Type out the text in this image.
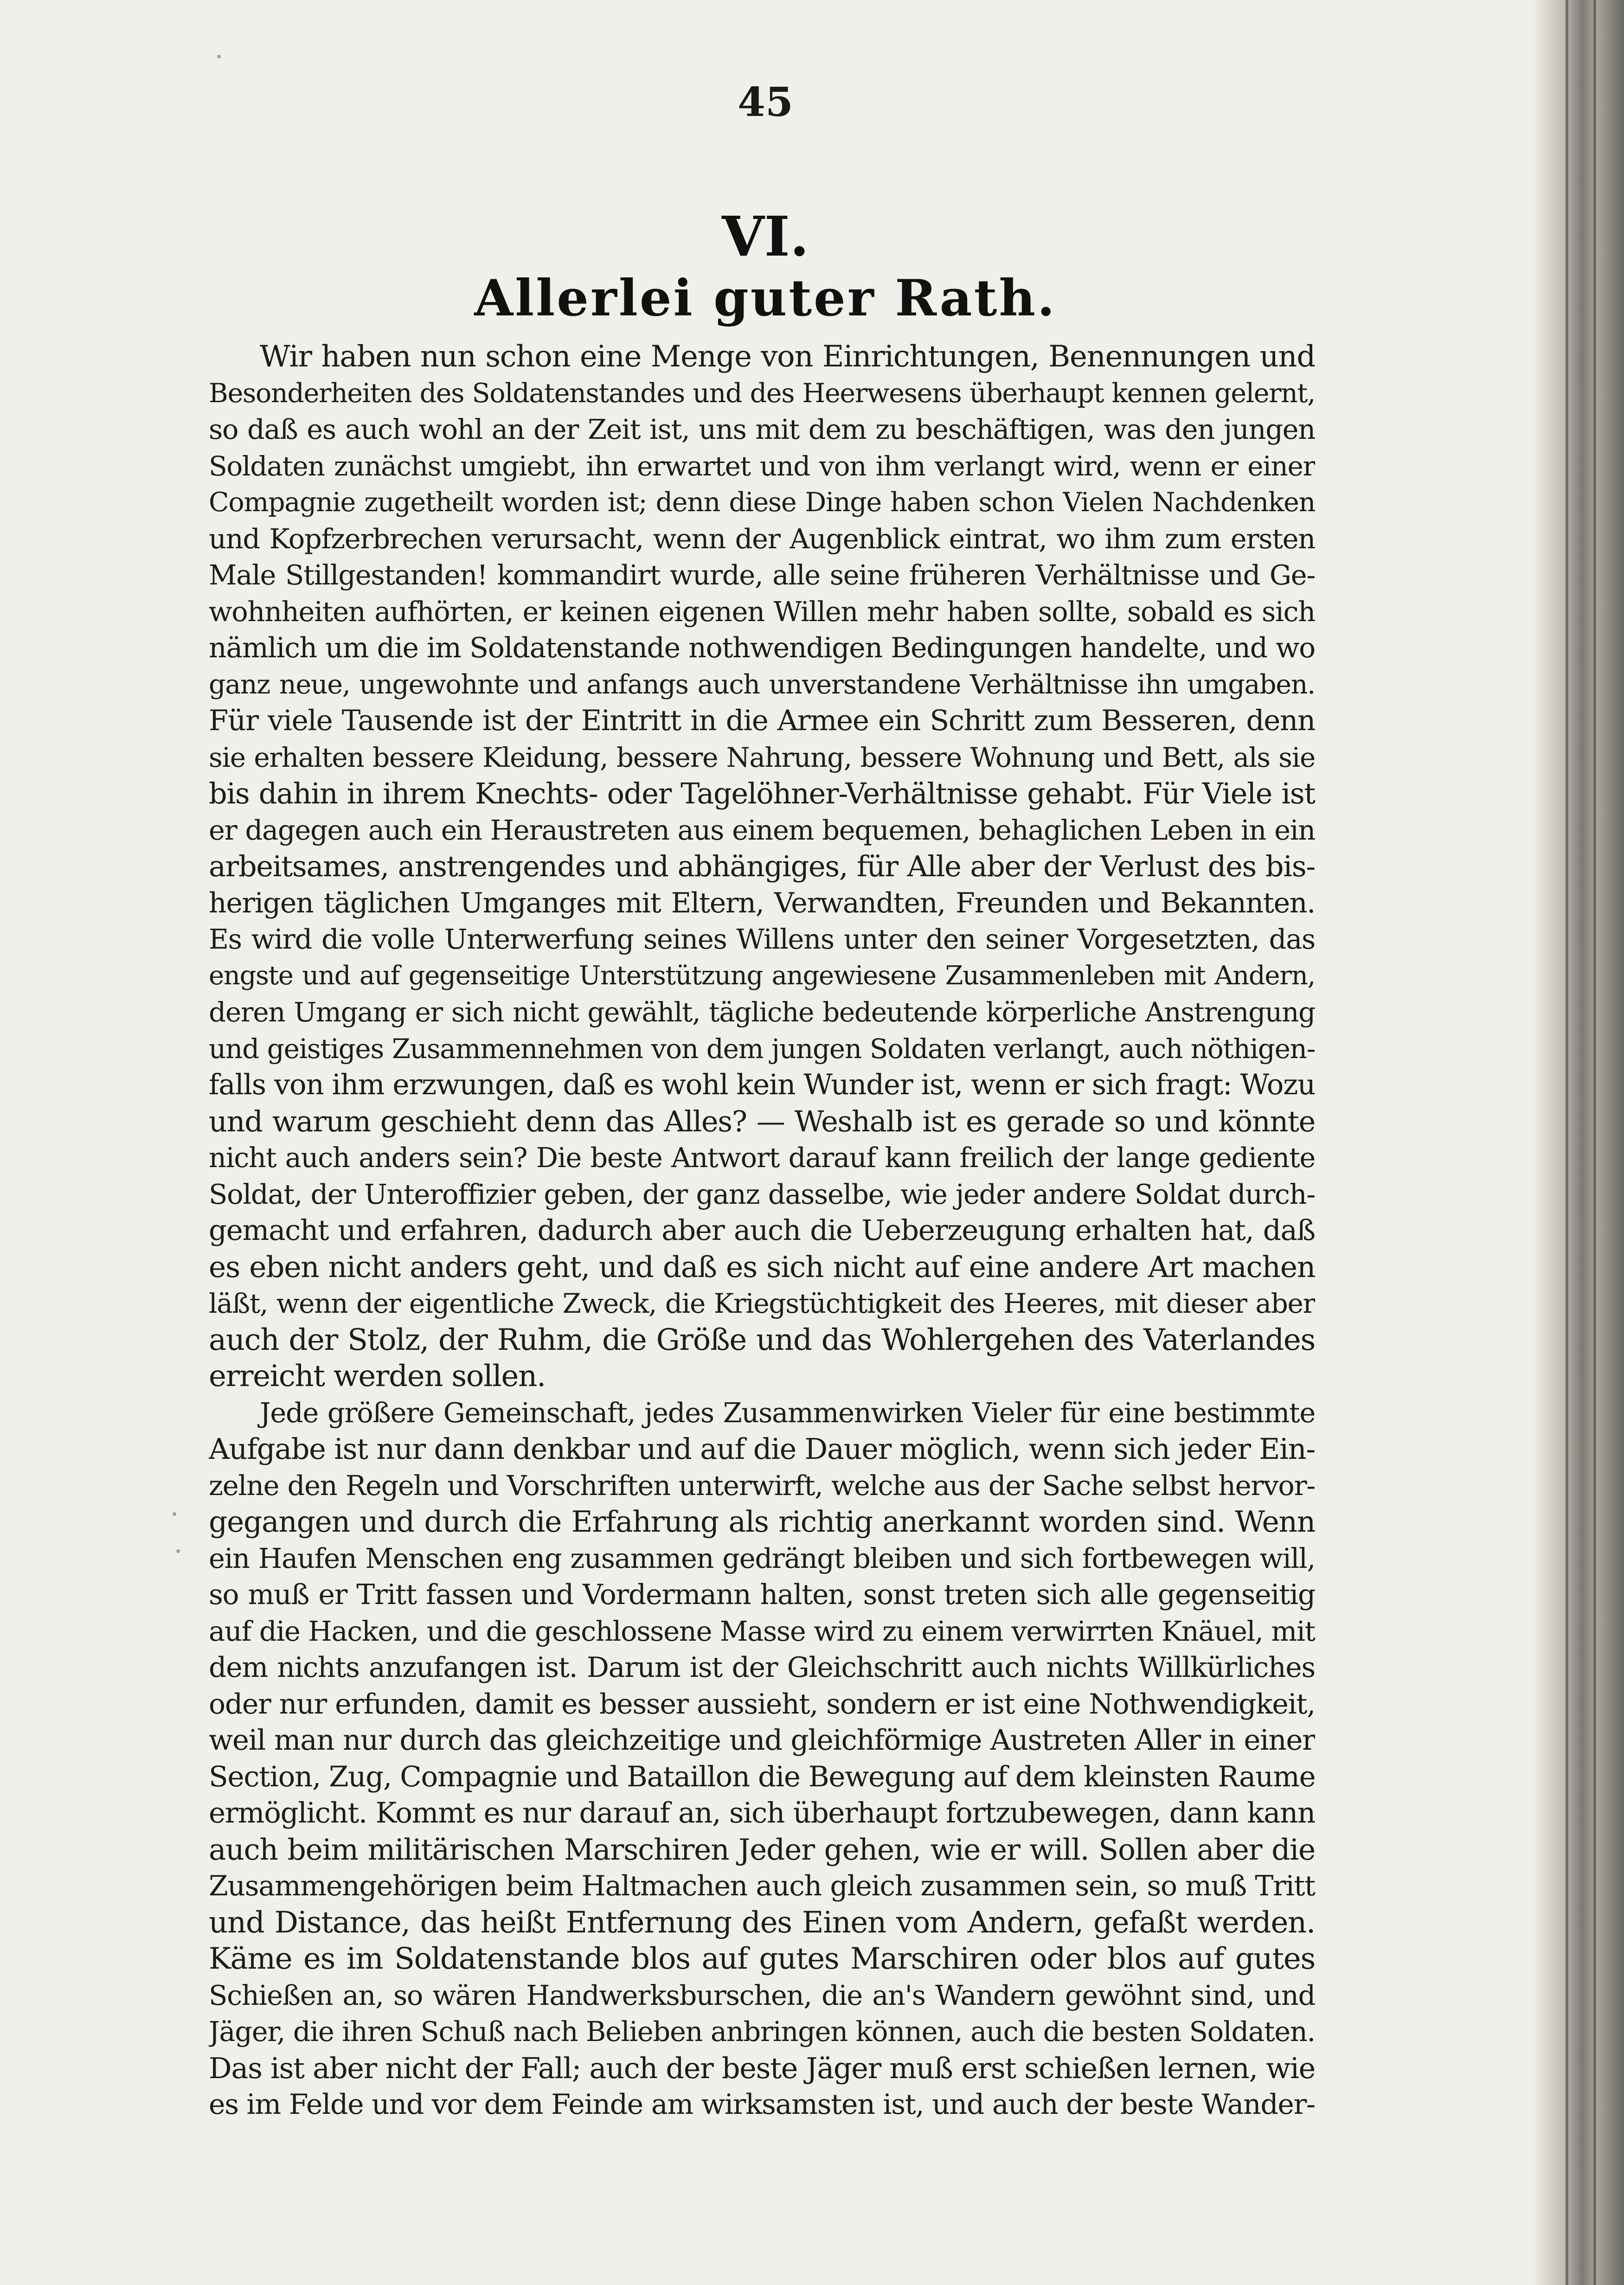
45
VI.
Allerlei guter Rath.
Wir haben nun schon eine Menge von Einrichtungen, Benennungen und
Besonderheiten des Soldatenstandes und des Heerwesens überhaupt kennen gelernt,
so daß es auch wohl an der Zeit ist, uns mit dem zu beschäftigen, was den jungen
Soldaten zunächst umgiebt, ihn erwartet und von ihm verlangt wird, wenn er einer
Compagnie zugetheilt worden ist; denn diese Dinge haben schon Vielen Nachdenken
und Kopfzerbrechen verursacht, wenn der Augenblick eintrat, wo ihm zum ersten
Male Stillgestanden! kommandirt wurde, alle seine früheren Verhältnisse und Ge-
wohnheiten aufhörten, er keinen eigenen Willen mehr haben sollte, sobald es sich
nämlich um die im Soldatenstande nothwendigen Bedingungen handelte, und wo
ganz neue, ungewohnte und anfangs auch unverstandene Verhältnisse ihn umgaben.
Für viele Tausende ist der Eintritt in die Armee ein Schritt zum Besseren, denn
sie erhalten bessere Kleidung, bessere Nahrung, bessere Wohnung und Bett, als sie
bis dahin in ihrem Knechts- oder Tagelöhner-Verhältnisse gehabt. Für Viele ist
er dagegen auch ein Heraustreten aus einem bequemen, behaglichen Leben in ein
arbeitsames, anstrengendes und abhängiges, für Alle aber der Verlust des bis-
herigen täglichen Umganges mit Eltern, Verwandten, Freunden und Bekannten.
Es wird die volle Unterwerfung seines Willens unter den seiner Vorgesetzten, das
engste und auf gegenseitige Unterstützung angewiesene Zusammenleben mit Andern,
deren Umgang er sich nicht gewählt, tägliche bedeutende körperliche Anstrengung
und geistiges Zusammennehmen von dem jungen Soldaten verlangt, auch nöthigen-
falls von ihm erzwungen, daß es wohl kein Wunder ist, wenn er sich fragt: Wozu
und warum geschieht denn das Alles? — Weshalb ist es gerade so und könnte
nicht auch anders sein? Die beste Antwort darauf kann freilich der lange gediente
Soldat, der Unteroffizier geben, der ganz dasselbe, wie jeder andere Soldat durch-
gemacht und erfahren, dadurch aber auch die Ueberzeugung erhalten hat, daß
es eben nicht anders geht, und daß es sich nicht auf eine andere Art machen
läßt, wenn der eigentliche Zweck, die Kriegstüchtigkeit des Heeres, mit dieser aber
auch der Stolz, der Ruhm, die Größe und das Wohlergehen des Vaterlandes
erreicht werden sollen.
Jede größere Gemeinschaft, jedes Zusammenwirken Vieler für eine bestimmte
Aufgabe ist nur dann denkbar und auf die Dauer möglich, wenn sich jeder Ein-
zelne den Regeln und Vorschriften unterwirft, welche aus der Sache selbst hervor-
gegangen und durch die Erfahrung als richtig anerkannt worden sind. Wenn
ein Haufen Menschen eng zusammen gedrängt bleiben und sich fortbewegen will,
so muß er Tritt fassen und Vordermann halten, sonst treten sich alle gegenseitig
auf die Hacken, und die geschlossene Masse wird zu einem verwirrten Knäuel, mit
dem nichts anzufangen ist. Darum ist der Gleichschritt auch nichts Willkürliches
oder nur erfunden, damit es besser aussieht, sondern er ist eine Nothwendigkeit,
weil man nur durch das gleichzeitige und gleichförmige Austreten Aller in einer
Section, Zug, Compagnie und Bataillon die Bewegung auf dem kleinsten Raume
ermöglicht. Kommt es nur darauf an, sich überhaupt fortzubewegen, dann kann
auch beim militärischen Marschiren Jeder gehen, wie er will. Sollen aber die
Zusammengehörigen beim Haltmachen auch gleich zusammen sein, so muß Tritt
und Distance, das heißt Entfernung des Einen vom Andern, gefaßt werden.
Käme es im Soldatenstande blos auf gutes Marschiren oder blos auf gutes
Schießen an, so wären Handwerksburschen, die an's Wandern gewöhnt sind, und
Jäger, die ihren Schuß nach Belieben anbringen können, auch die besten Soldaten.
Das ist aber nicht der Fall; auch der beste Jäger muß erst schießen lernen, wie
es im Felde und vor dem Feinde am wirksamsten ist, und auch der beste Wander-
